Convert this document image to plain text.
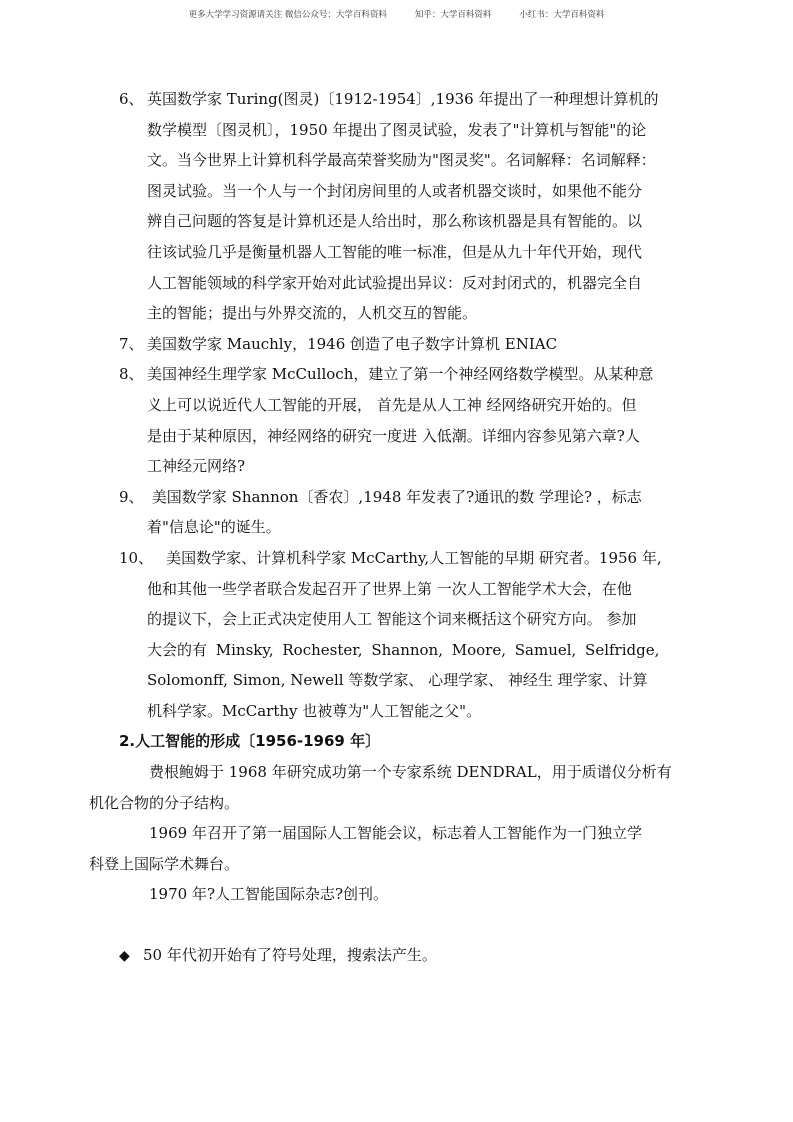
更多大学学习资源请关注 微信公众号：大学百科资料	知乎：大学百科资料	小红书：大学百科资料
6、 英国数学家 Turing(图灵)〔1912-1954〕,1936 年提出了一种理想计算机的
数学模型〔图灵机〕，1950 年提出了图灵试验，发表了"计算机与智能"的论
文。当今世界上计算机科学最高荣誉奖励为"图灵奖"。名词解释：名词解释：
图灵试验。当一个人与一个封闭房间里的人或者机器交谈时，如果他不能分
辨自己问题的答复是计算机还是人给出时，那么称该机器是具有智能的。以
往该试验几乎是衡量机器人工智能的唯一标准，但是从九十年代开始，现代
人工智能领域的科学家开始对此试验提出异议：反对封闭式的，机器完全自
主的智能；提出与外界交流的，人机交互的智能。
7、 美国数学家 Mauchly，1946 创造了电子数字计算机 ENIAC
8、 美国神经生理学家 McCulloch，建立了第一个神经网络数学模型。从某种意
义上可以说近代人工智能的开展， 首先是从人工神 经网络研究开始的。但
是由于某种原因，神经网络的研究一度进 入低潮。详细内容参见第六章?人
工神经元网络?
9、 美国数学家 Shannon〔香农〕,1948 年发表了?通讯的数 学理论? ，标志
着"信息论"的诞生。
10、
美国数学家、计算机科学家 McCarthy,人工智能的早期 研究者。1956 年,
他和其他一些学者联合发起召开了世界上第 一次人工智能学术大会，在他
的提议下，会上正式决定使用人工 智能这个词来概括这个研究方向。 参加
大会的有 Minsky, Rochester, Shannon, Moore, Samuel, Selfridge,
Solomonff, Simon, Newell 等数学家、 心理学家、 神经生 理学家、计算
机科学家。McCarthy 也被尊为"人工智能之父"。
2.人工智能的形成〔1956-1969 年〕
费根鲍姆于 1968 年研究成功第一个专家系统 DENDRAL，用于质谱仪分析有
机化合物的分子结构。
1969 年召开了第一届国际人工智能会议，标志着人工智能作为一门独立学
科登上国际学术舞台。
1970 年?人工智能国际杂志?创刊。
◆ 50 年代初开始有了符号处理，搜索法产生。
